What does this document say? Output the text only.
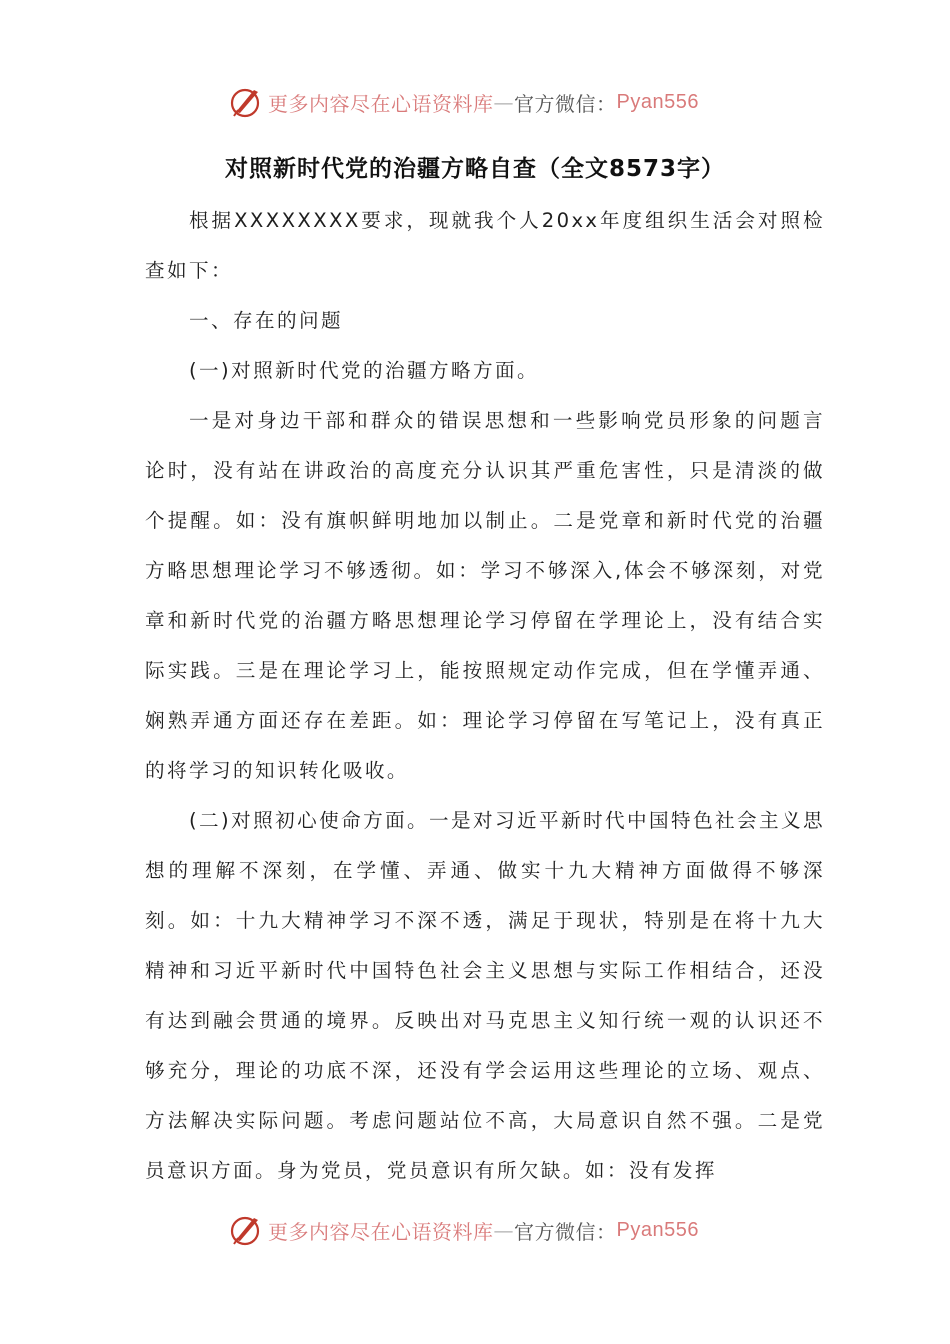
更多内容尽在心语资料库 — 官方微信： Pyan556
对照新时代党的治疆方略自查（全文8573字）

根据XXXXXXXX要求，现就我个人20xx年度组织生活会对照检查如下：

一、存在的问题

(一)对照新时代党的治疆方略方面。

一是对身边干部和群众的错误思想和一些影响党员形象的问题言论时，没有站在讲政治的高度充分认识其严重危害性，只是清淡的做个提醒。如：没有旗帜鲜明地加以制止。二是党章和新时代党的治疆方略思想理论学习不够透彻。如：学习不够深入,体会不够深刻，对党章和新时代党的治疆方略思想理论学习停留在学理论上，没有结合实际实践。三是在理论学习上，能按照规定动作完成，但在学懂弄通、娴熟弄通方面还存在差距。如：理论学习停留在写笔记上，没有真正的将学习的知识转化吸收。

(二)对照初心使命方面。一是对习近平新时代中国特色社会主义思想的理解不深刻，在学懂、弄通、做实十九大精神方面做得不够深刻。如：十九大精神学习不深不透，满足于现状，特别是在将十九大精神和习近平新时代中国特色社会主义思想与实际工作相结合，还没有达到融会贯通的境界。反映出对马克思主义知行统一观的认识还不够充分，理论的功底不深，还没有学会运用这些理论的立场、观点、方法解决实际问题。考虑问题站位不高，大局意识自然不强。二是党员意识方面。身为党员，党员意识有所欠缺。如：没有发挥

更多内容尽在心语资料库 — 官方微信： Pyan556
